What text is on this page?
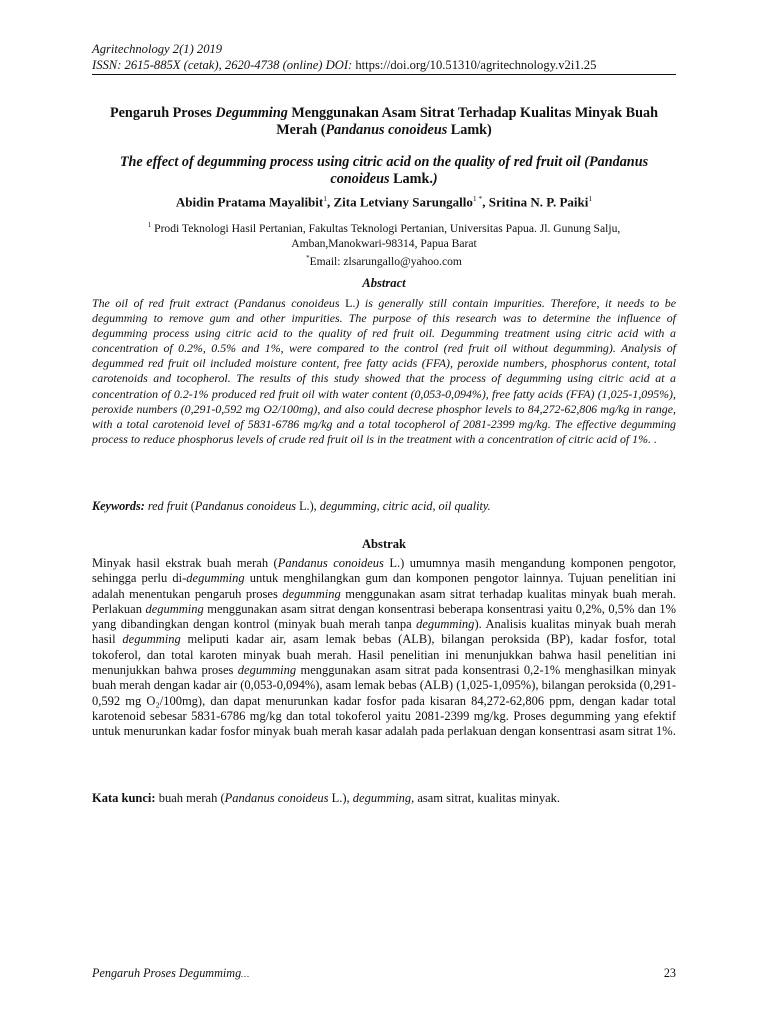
Agritechnology 2(1) 2019
ISSN: 2615-885X (cetak), 2620-4738 (online) DOI: https://doi.org/10.51310/agritechnology.v2i1.25
Pengaruh Proses Degumming Menggunakan Asam Sitrat Terhadap Kualitas Minyak Buah Merah (Pandanus conoideus Lamk)
The effect of degumming process using citric acid on the quality of red fruit oil (Pandanus conoideus Lamk.)
Abidin Pratama Mayalibit$^1$, Zita Letviany Sarungallo$^{1 *}$, Sritina N. P. Paiki$^1$
$^1$ Prodi Teknologi Hasil Pertanian, Fakultas Teknologi Pertanian, Universitas Papua. Jl. Gunung Salju,
Amban,Manokwari-98314, Papua Barat
*Email: zlsarungallo@yahoo.com
Abstract
The oil of red fruit extract (Pandanus conoideus L.) is generally still contain impurities. Therefore, it needs to be degumming to remove gum and other impurities. The purpose of this research was to determine the influence of degumming process using citric acid to the quality of red fruit oil. Degumming treatment using citric acid with a concentration of 0.2%, 0.5% and 1%, were compared to the control (red fruit oil without degumming). Analysis of degummed red fruit oil included moisture content, free fatty acids (FFA), peroxide numbers, phosphorus content, total carotenoids and tocopherol. The results of this study showed that the process of degumming using citric acid at a concentration of 0.2-1% produced red fruit oil with water content (0,053-0,094%), free fatty acids (FFA) (1,025-1,095%), peroxide numbers (0,291-0,592 mg O2/100mg), and also could decrese phosphor levels to 84,272-62,806 mg/kg in range, with a total carotenoid level of 5831-6786 mg/kg and a total tocopherol of 2081-2399 mg/kg. The effective degumming process to reduce phosphorus levels of crude red fruit oil is in the treatment with a concentration of citric acid of 1%. .
Keywords: red fruit (Pandanus conoideus L.), degumming, citric acid, oil quality.
Abstrak
Minyak hasil ekstrak buah merah (Pandanus conoideus L.) umumnya masih mengandung komponen pengotor, sehingga perlu di-degumming untuk menghilangkan gum dan komponen pengotor lainnya. Tujuan penelitian ini adalah menentukan pengaruh proses degumming menggunakan asam sitrat terhadap kualitas minyak buah merah. Perlakuan degumming menggunakan asam sitrat dengan konsentrasi beberapa konsentrasi yaitu 0,2%, 0,5% dan 1% yang dibandingkan dengan kontrol (minyak buah merah tanpa degumming). Analisis kualitas minyak buah merah hasil degumming meliputi kadar air, asam lemak bebas (ALB), bilangan peroksida (BP), kadar fosfor, total tokoferol, dan total karoten minyak buah merah. Hasil penelitian ini menunjukkan bahwa hasil penelitian ini menunjukkan bahwa proses degumming menggunakan asam sitrat pada konsentrasi 0,2-1% menghasilkan minyak buah merah dengan kadar air (0,053-0,094%), asam lemak bebas (ALB) (1,025-1,095%), bilangan peroksida (0,291-0,592 mg O₂/100mg), dan dapat menurunkan kadar fosfor pada kisaran 84,272-62,806 ppm, dengan kadar total karotenoid sebesar 5831-6786 mg/kg dan total tokoferol yaitu 2081-2399 mg/kg. Proses degumming yang efektif untuk menurunkan kadar fosfor minyak buah merah kasar adalah pada perlakuan dengan konsentrasi asam sitrat 1%.
Kata kunci: buah merah (Pandanus conoideus L.), degumming, asam sitrat, kualitas minyak.
Pengaruh Proses Degummimg…	23
